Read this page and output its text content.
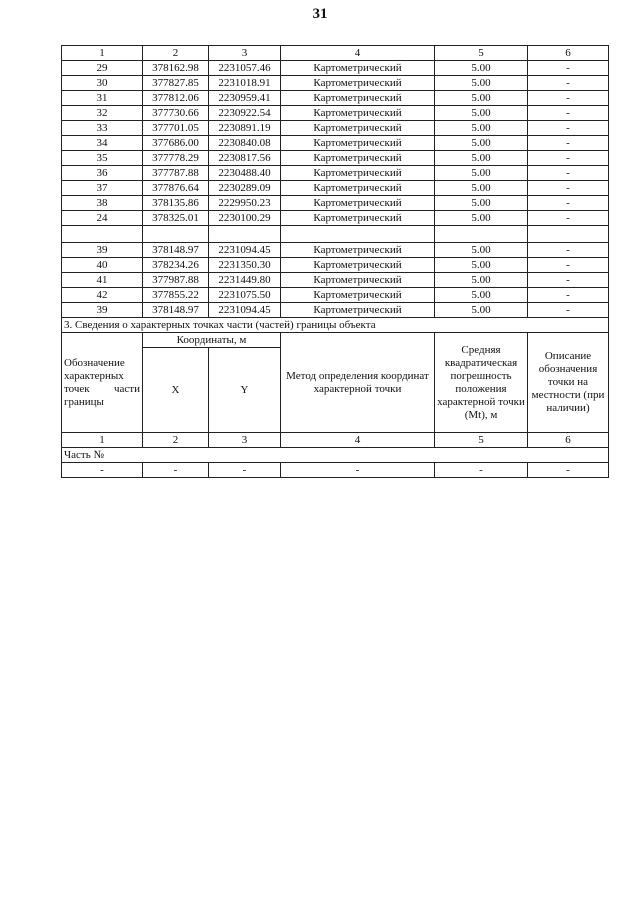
31
1	2	3	4	5	6
29	378162.98	2231057.46	Картометрический	5.00	-
30	377827.85	2231018.91	Картометрический	5.00	-
31	377812.06	2230959.41	Картометрический	5.00	-
32	377730.66	2230922.54	Картометрический	5.00	-
33	377701.05	2230891.19	Картометрический	5.00	-
34	377686.00	2230840.08	Картометрический	5.00	-
35	377778.29	2230817.56	Картометрический	5.00	-
36	377787.88	2230488.40	Картометрический	5.00	-
37	377876.64	2230289.09	Картометрический	5.00	-
38	378135.86	2229950.23	Картометрический	5.00	-
24	378325.01	2230100.29	Картометрический	5.00	-

39	378148.97	2231094.45	Картометрический	5.00	-
40	378234.26	2231350.30	Картометрический	5.00	-
41	377987.88	2231449.80	Картометрический	5.00	-
42	377855.22	2231075.50	Картометрический	5.00	-
39	378148.97	2231094.45	Картометрический	5.00	-
3. Сведения о характерных точках части (частей) границы объекта					
Обозначение характерных точек части границы	Координаты, м		Метод определения координат характерной точки	Средняя квадратическая погрешность положения характерной точки (Mt), м	Описание обозначения точки на местности (при наличии)
	X	Y			
1	2	3	4	5	6
Часть №					
-	-	-	-	-	-
